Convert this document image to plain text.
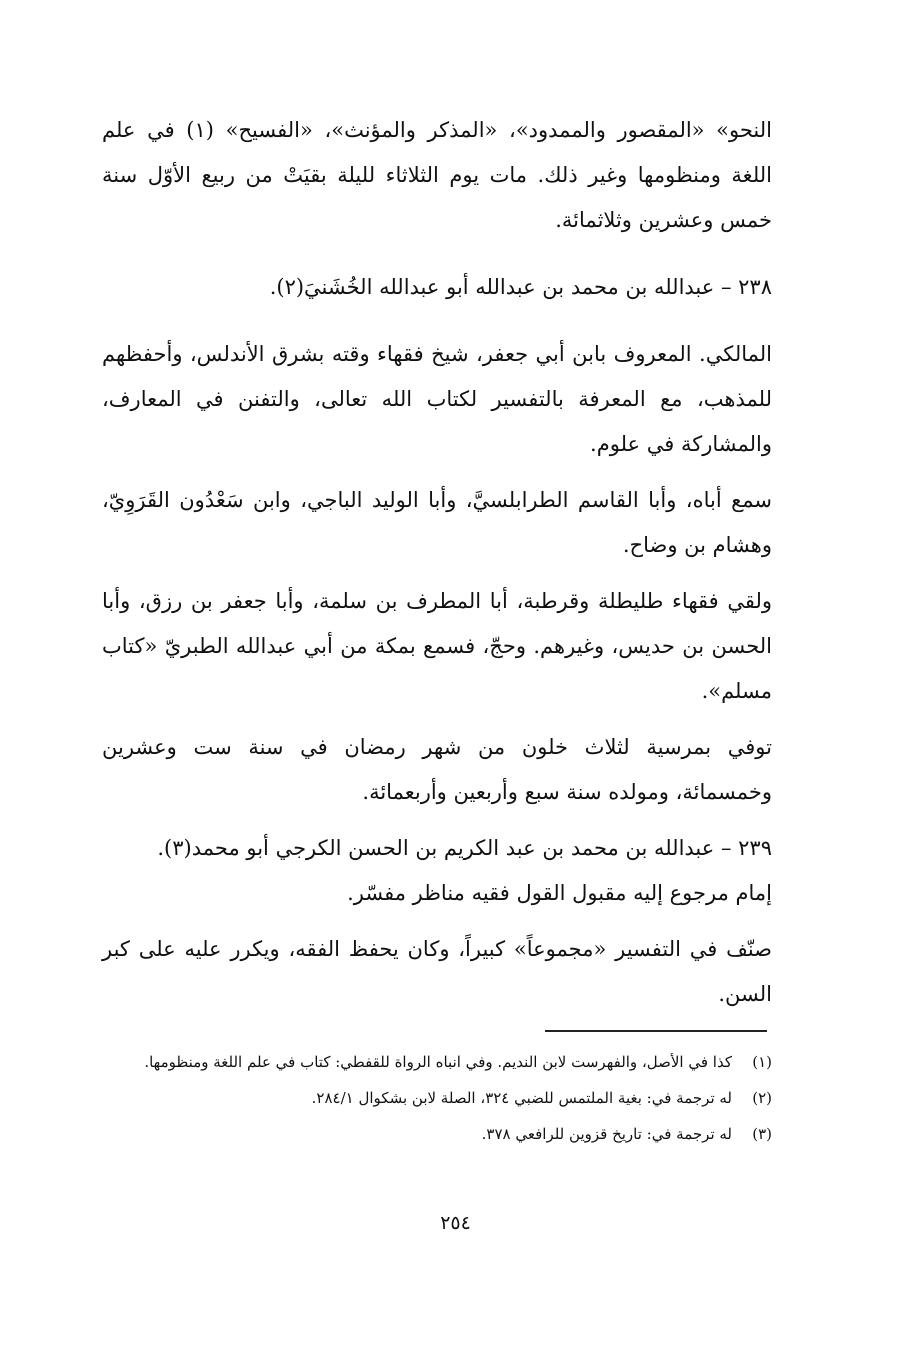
النحو» «المقصور والممدود»، «المذكر والمؤنث»، «الفسيح» (١) في علم اللغة ومنظومها وغير ذلك. مات يوم الثلاثاء لليلة بقيَتْ من ربيع الأوّل سنة خمس وعشرين وثلاثمائة.

٢٣٨ – عبدالله بن محمد بن عبدالله أبو عبدالله الخُشَنيَ(٢).

المالكي. المعروف بابن أبي جعفر، شيخ فقهاء وقته بشرق الأندلس، وأحفظهم للمذهب، مع المعرفة بالتفسير لكتاب الله تعالى، والتفنن في المعارف، والمشاركة في علوم.

سمع أباه، وأبا القاسم الطرابلسيَّ، وأبا الوليد الباجي، وابن سَعْدُون القَرَوِيّ، وهشام بن وضاح.

ولقي فقهاء طليطلة وقرطبة، أبا المطرف بن سلمة، وأبا جعفر بن رزق، وأبا الحسن بن حديس، وغيرهم. وحجّ، فسمع بمكة من أبي عبدالله الطبريّ «كتاب مسلم».

توفي بمرسية لثلاث خلون من شهر رمضان في سنة ست وعشرين وخمسمائة، ومولده سنة سبع وأربعين وأربعمائة.

٢٣٩ – عبدالله بن محمد بن عبد الكريم بن الحسن الكرجي أبو محمد(٣).

إمام مرجوع إليه مقبول القول فقيه مناظر مفسّر.

صنّف في التفسير «مجموعاً» كبيراً، وكان يحفظ الفقه، ويكرر عليه على كبر السن.

(١)
كذا في الأصل، والفهرست لابن النديم. وفي انباه الرواة للقفطي: كتاب في علم اللغة ومنظومها.
(٢)
له ترجمة في: بغية الملتمس للضبي ٣٢٤، الصلة لابن بشكوال ٢٨٤/١.
(٣)
له ترجمة في: تاريخ قزوين للرافعي ٣٧٨.
٢٥٤
